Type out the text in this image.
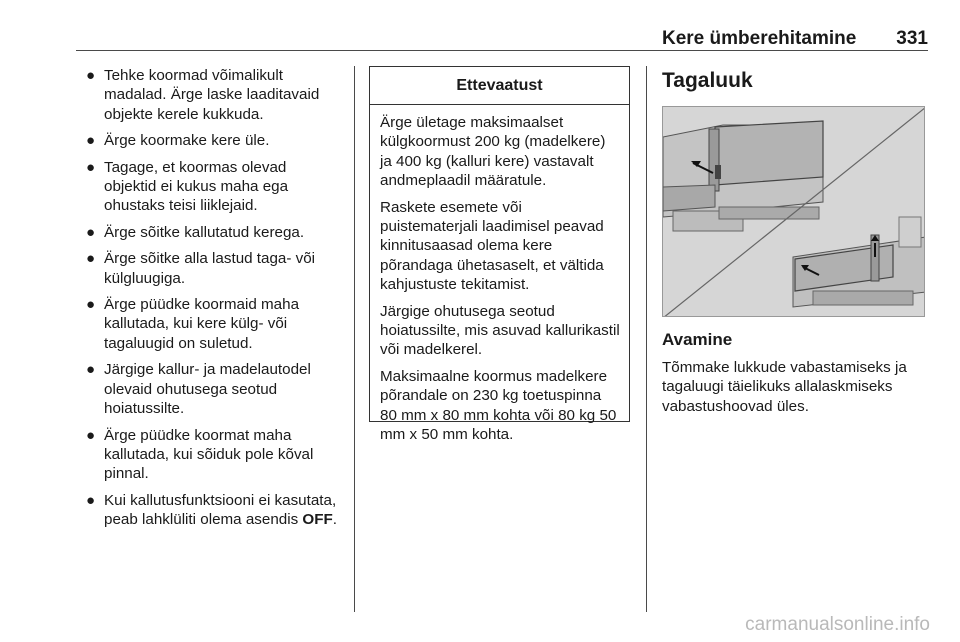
Kere ümberehitamine	331
● Tehke koormad võimalikult madalad. Ärge laske laaditavaid objekte kerele kukkuda.
● Ärge koormake kere üle.
● Tagage, et koormas olevad objektid ei kukus maha ega ohustaks teisi liiklejaid.
● Ärge sõitke kallutatud kerega.
● Ärge sõitke alla lastud taga- või külgluugiga.
● Ärge püüdke koormaid maha kallutada, kui kere külg- või tagaluugid on suletud.
● Järgige kallur- ja madelautodel olevaid ohutusega seotud hoiatussilte.
● Ärge püüdke koormat maha kallutada, kui sõiduk pole kõval pinnal.
● Kui kallutusfunktsiooni ei kasutata, peab lahklüliti olema asendis OFF.
Ettevaatust

Ärge ületage maksimaalset külgkoormust 200 kg (madelkere) ja 400 kg (kalluri kere) vastavalt andmeplaadil määratule.

Raskete esemete või puistematerjali laadimisel peavad kinnitusaasad olema kere põrandaga ühetasaselt, et vältida kahjustuste tekitamist.

Järgige ohutusega seotud hoiatussilte, mis asuvad kallurikastil või madelkerel.

Maksimaalne koormus madelkere põrandale on 230 kg toetuspinna 80 mm x 80 mm kohta või 80 kg 50 mm x 50 mm kohta.

Tagaluuk
Avamine

Tõmmake lukkude vabastamiseks ja tagaluugi täielikuks allalaskmiseks vabastushoovad üles.

carmanualsonline.info
